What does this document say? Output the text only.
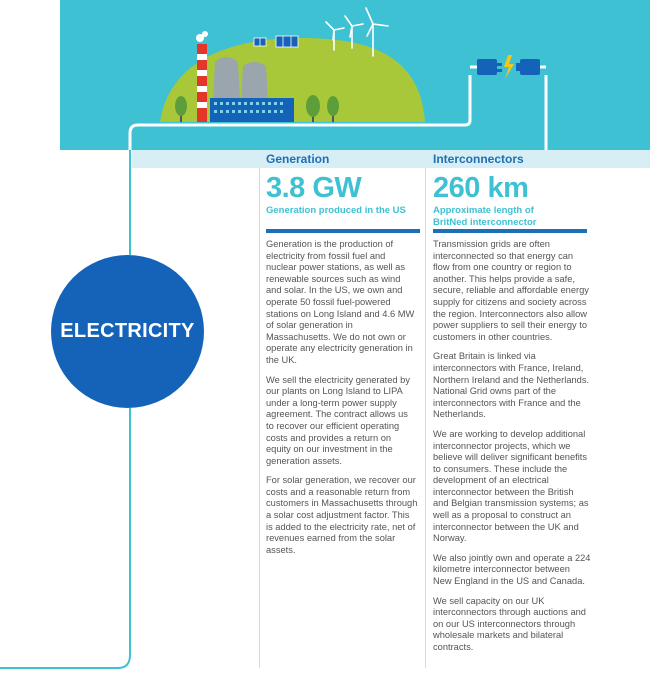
ELECTRICITY
Generation
3.8 GW
Generation produced in the US

Generation is the production of electricity from fossil fuel and nuclear power stations, as well as renewable sources such as wind and solar. In the US, we own and operate 50 fossil fuel-powered stations on Long Island and 4.6 MW of solar generation in Massachusetts. We do not own or operate any electricity generation in the UK.

We sell the electricity generated by our plants on Long Island to LIPA under a long-term power supply agreement. The contract allows us to recover our efficient operating costs and provides a return on equity on our investment in the generation assets.

For solar generation, we recover our costs and a reasonable return from customers in Massachusetts through a solar cost adjustment factor. This is added to the electricity rate, net of revenues earned from the solar assets.

Interconnectors
260 km
Approximate length of BritNed interconnector

Transmission grids are often interconnected so that energy can flow from one country or region to another. This helps provide a safe, secure, reliable and affordable energy supply for citizens and society across the region. Interconnectors also allow power suppliers to sell their energy to customers in other countries.

Great Britain is linked via interconnectors with France, Ireland, Northern Ireland and the Netherlands. National Grid owns part of the interconnectors with France and the Netherlands.

We are working to develop additional interconnector projects, which we believe will deliver significant benefits to consumers. These include the development of an electrical interconnector between the British and Belgian transmission systems; as well as a proposal to construct an interconnector between the UK and Norway.

We also jointly own and operate a 224 kilometre interconnector between New England in the US and Canada.

We sell capacity on our UK interconnectors through auctions and on our US interconnectors through wholesale markets and bilateral contracts.
